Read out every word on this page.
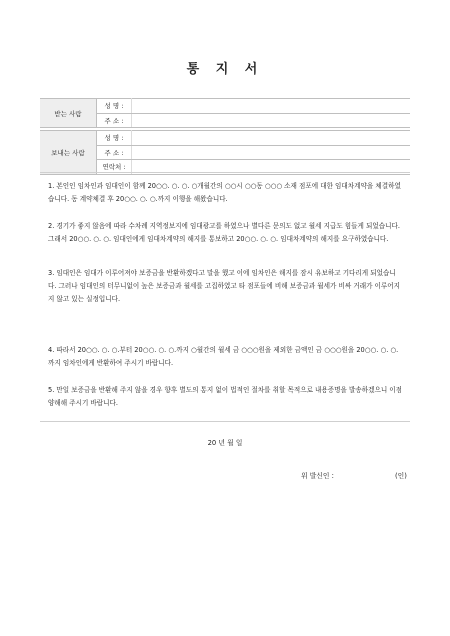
통 지 서
받는 사람	성 명 :	
	주 소 :	

보내는 사람	성 명 :	
	주 소 :	
	연락처 :	

1. 본인인 임차인과 임대인이 함께 20○○. ○. ○. ○개월간의 ○○시 ○○동 ○○○ 소재 점포에 대한 임대차계약을 체결하였습니다. 동 계약체결 후 20○○. ○. ○.까지 이행을 해왔습니다.

2. 경기가 좋지 않음에 따라 수차례 지역정보지에 임대광고를 하였으나 별다른 문의도 없고 월세 지급도 힘들게 되었습니다. 그래서 20○○. ○. ○. 임대인에게 임대차계약의 해지를 통보하고 20○○. ○. ○. 임대차계약의 해지를 요구하였습니다.

3. 임대인은 임대가 이루어져야 보증금을 반환하겠다고 말을 했고 이에 임차인은 해지를 잠시 유보하고 기다리게 되었습니다. 그러나 임대인의 터무니없이 높은 보증금과 월세를 고집하였고 타 점포들에 비해 보증금과 월세가 비싸 거래가 이루어지지 않고 있는 실정입니다.

4. 따라서 20○○. ○. ○.부터 20○○. ○. ○.까지 ○월간의 월세 금 ○○○원을 제외한 금액인 금 ○○○원을 20○○. ○. ○.까지 임차인에게 반환하여 주시기 바랍니다.

5. 만일 보증금을 반환해 주지 않을 경우 향후 별도의 통지 없이 법적인 절차를 취할 목적으로 내용증명을 발송하겠으니 이점 양해해 주시기 바랍니다.

20 년 월 일
위 발신인 :	(인)
